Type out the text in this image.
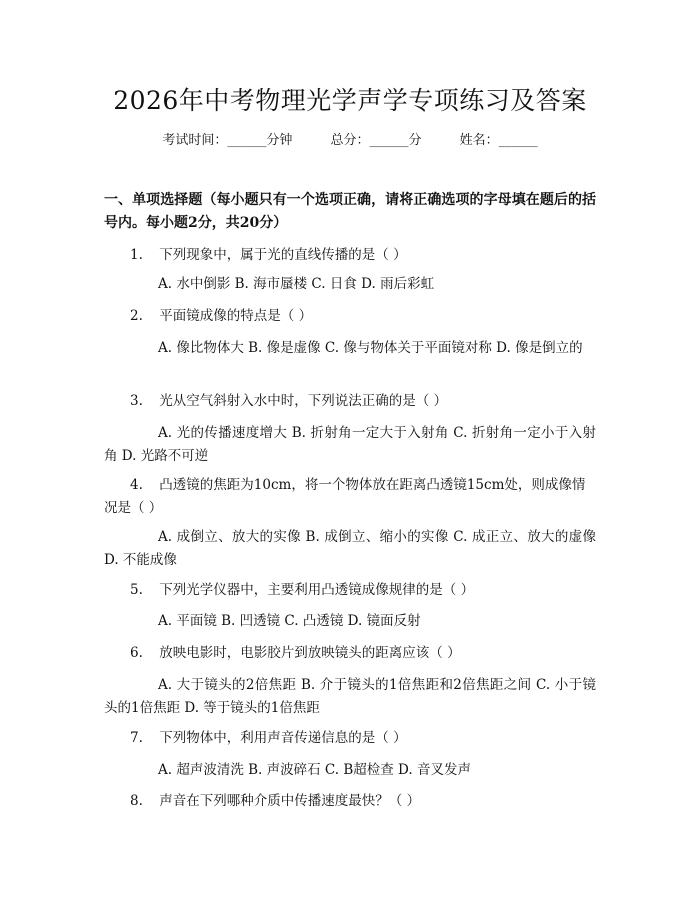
2026年中考物理光学声学专项练习及答案
考试时间：______分钟	总分：______分	姓名：______
一、单项选择题（每小题只有一个选项正确，请将正确选项的字母填在题后的括号内。每小题2分，共20分）
1. 下列现象中，属于光的直线传播的是（ ）
A. 水中倒影 B. 海市蜃楼 C. 日食 D. 雨后彩虹
2. 平面镜成像的特点是（ ）
A. 像比物体大 B. 像是虚像 C. 像与物体关于平面镜对称 D. 像是倒立的
3. 光从空气斜射入水中时，下列说法正确的是（ ）
A. 光的传播速度增大 B. 折射角一定大于入射角 C. 折射角一定小于入射角 D. 光路不可逆
4. 凸透镜的焦距为10cm，将一个物体放在距离凸透镜15cm处，则成像情况是（ ）
A. 成倒立、放大的实像 B. 成倒立、缩小的实像 C. 成正立、放大的虚像 D. 不能成像
5. 下列光学仪器中，主要利用凸透镜成像规律的是（ ）
A. 平面镜 B. 凹透镜 C. 凸透镜 D. 镜面反射
6. 放映电影时，电影胶片到放映镜头的距离应该（ ）
A. 大于镜头的2倍焦距 B. 介于镜头的1倍焦距和2倍焦距之间 C. 小于镜头的1倍焦距 D. 等于镜头的1倍焦距
7. 下列物体中，利用声音传递信息的是（ ）
A. 超声波清洗 B. 声波碎石 C. B超检查 D. 音叉发声
8. 声音在下列哪种介质中传播速度最快？（ ）
